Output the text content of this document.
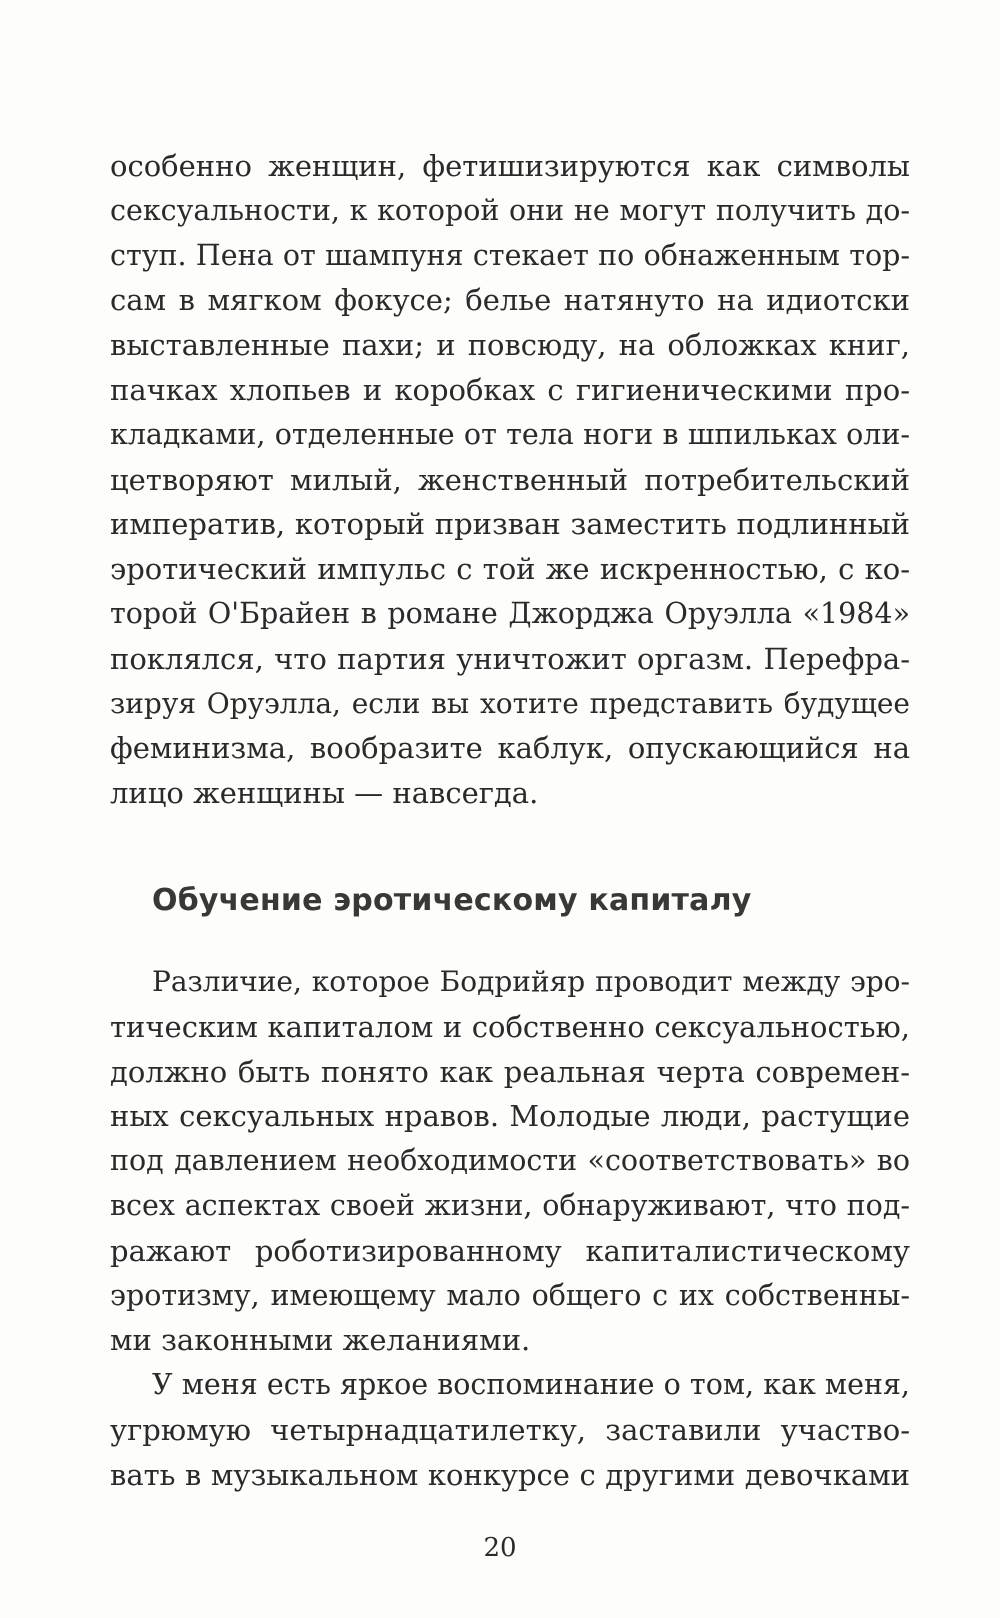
особенно женщин, фетишизируются как символы
сексуальности, к которой они не могут получить до-
ступ. Пена от шампуня стекает по обнаженным тор-
сам в мягком фокусе; белье натянуто на идиотски
выставленные пахи; и повсюду, на обложках книг,
пачках хлопьев и коробках с гигиеническими про-
кладками, отделенные от тела ноги в шпильках оли-
цетворяют милый, женственный потребительский
императив, который призван заместить подлинный
эротический импульс с той же искренностью, с ко-
торой О'Брайен в романе Джорджа Оруэлла «1984»
поклялся, что партия уничтожит оргазм. Перефра-
зируя Оруэлла, если вы хотите представить будущее
феминизма, вообразите каблук, опускающийся на
лицо женщины — навсегда.
Обучение эротическому капиталу
Различие, которое Бодрийяр проводит между эро-
тическим капиталом и собственно сексуальностью,
должно быть понято как реальная черта современ-
ных сексуальных нравов. Молодые люди, растущие
под давлением необходимости «соответствовать» во
всех аспектах своей жизни, обнаруживают, что под-
ражают роботизированному капиталистическому
эротизму, имеющему мало общего с их собственны-
ми законными желаниями.
У меня есть яркое воспоминание о том, как меня,
угрюмую четырнадцатилетку, заставили участво-
вать в музыкальном конкурсе с другими девочками
20
